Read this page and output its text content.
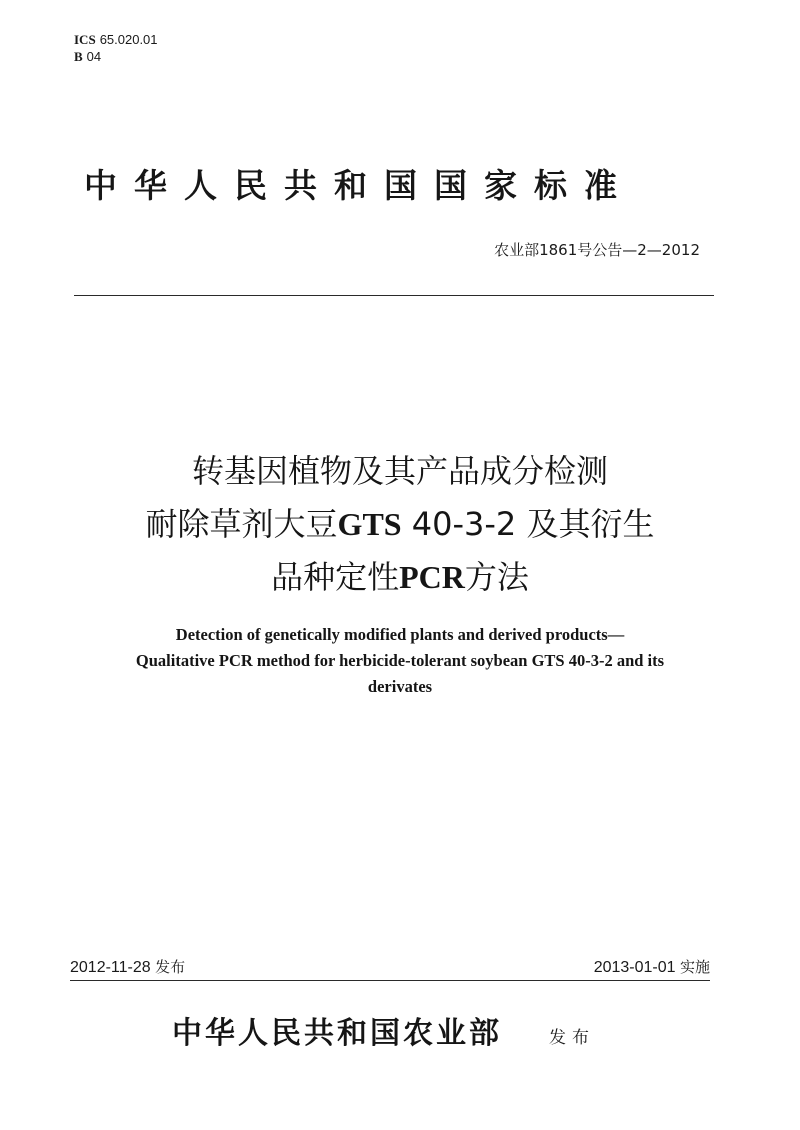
ICS 65.020.01
B 04
中华人民共和国国家标准
农业部1861号公告—2—2012
转基因植物及其产品成分检测
耐除草剂大豆GTS 40-3-2 及其衍生
品种定性PCR方法
Detection of genetically modified plants and derived products—
Qualitative PCR method for herbicide-tolerant soybean GTS 40-3-2 and its
derivates
2012-11-28 发布	2013-01-01 实施
中华人民共和国农业部	发布
